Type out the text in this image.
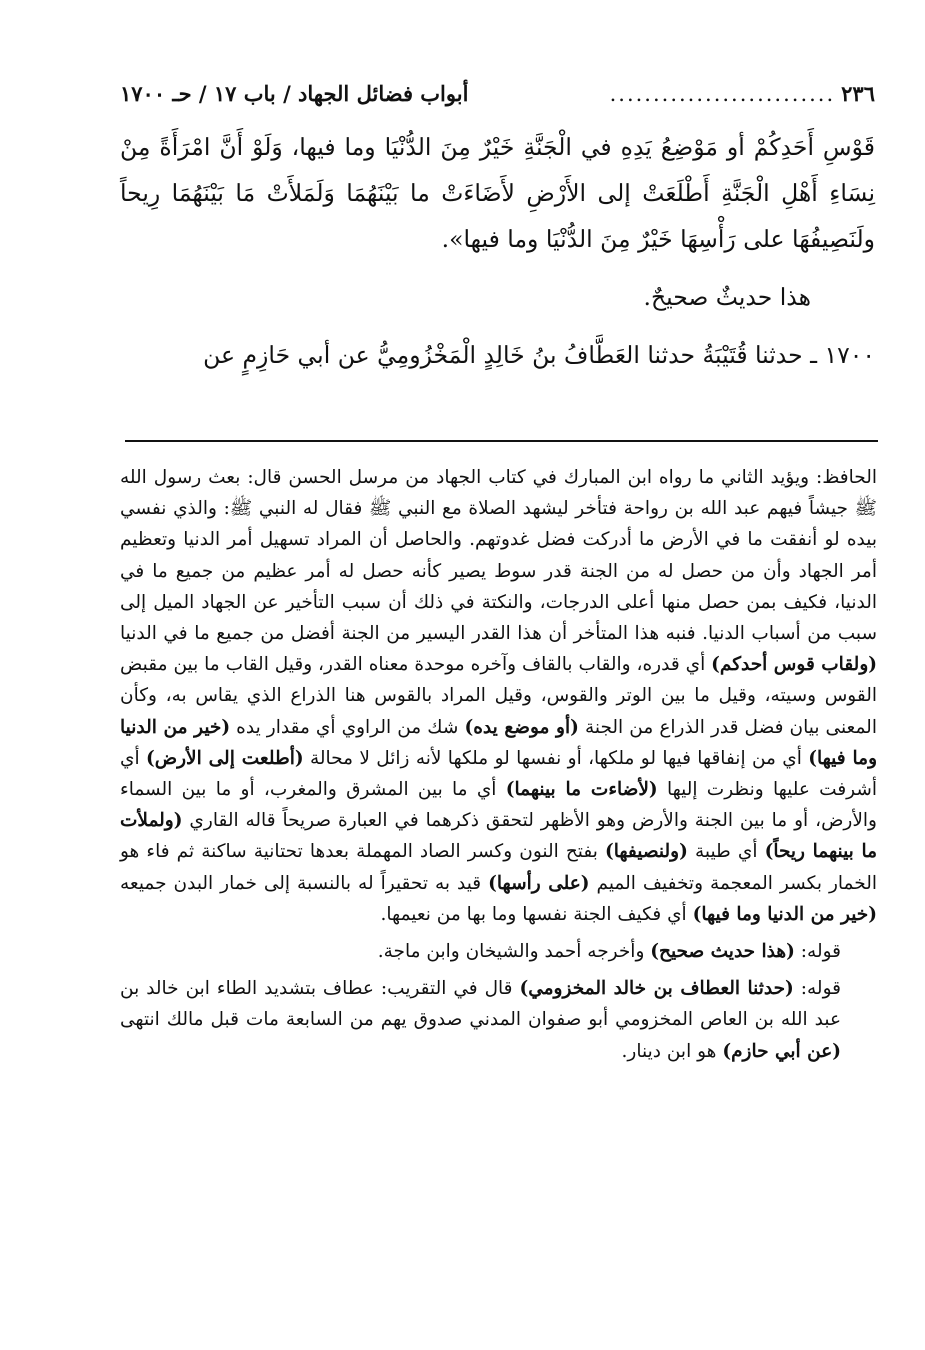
٢٣٦
..........................
أبواب فضائل الجهاد / باب ١٧ / حـ ١٧٠٠

قَوْسِ أَحَدِكُمْ أو مَوْضِعُ يَدِهِ في الْجَنَّةِ خَيْرٌ مِنَ الدُّنْيَا وما فيها، وَلَوْ أَنَّ امْرَأَةً مِنْ نِسَاءِ أَهْلِ الْجَنَّةِ أَطْلَعَتْ إلى الأَرْضِ لأَضَاءَتْ ما بَيْنَهُمَا وَلَمَلأَتْ مَا بَيْنَهُمَا رِيحاً ولَنَصِيفُهَا على رَأْسِهَا خَيْرٌ مِنَ الدُّنْيَا وما فيها».

هذا حديثٌ صحيحٌ.

١٧٠٠ ـ حدثنا قُتَيْبَةُ حدثنا العَطَّافُ بنُ خَالِدٍ الْمَخْزُومِيُّ عن أبي حَازِمٍ عن

الحافظ: ويؤيد الثاني ما رواه ابن المبارك في كتاب الجهاد من مرسل الحسن قال: بعث رسول الله ﷺ جيشاً فيهم عبد الله بن رواحة فتأخر ليشهد الصلاة مع النبي ﷺ فقال له النبي ﷺ: والذي نفسي بيده لو أنفقت ما في الأرض ما أدركت فضل غدوتهم. والحاصل أن المراد تسهيل أمر الدنيا وتعظيم أمر الجهاد وأن من حصل له من الجنة قدر سوط يصير كأنه حصل له أمر عظيم من جميع ما في الدنيا، فكيف بمن حصل منها أعلى الدرجات، والنكتة في ذلك أن سبب التأخير عن الجهاد الميل إلى سبب من أسباب الدنيا. فنبه هذا المتأخر أن هذا القدر اليسير من الجنة أفضل من جميع ما في الدنيا (ولقاب قوس أحدكم) أي قدره، والقاب بالقاف وآخره موحدة معناه القدر، وقيل القاب ما بين مقبض القوس وسيته، وقيل ما بين الوتر والقوس، وقيل المراد بالقوس هنا الذراع الذي يقاس به، وكأن المعنى بيان فضل قدر الذراع من الجنة (أو موضع يده) شك من الراوي أي مقدار يده (خير من الدنيا وما فيها) أي من إنفاقها فيها لو ملكها، أو نفسها لو ملكها لأنه زائل لا محالة (أطلعت إلى الأرض) أي أشرفت عليها ونظرت إليها (لأضاءت ما بينهما) أي ما بين المشرق والمغرب، أو ما بين السماء والأرض، أو ما بين الجنة والأرض وهو الأظهر لتحقق ذكرهما في العبارة صريحاً قاله القاري (ولملأت ما بينهما ريحاً) أي طيبة (ولنصيفها) بفتح النون وكسر الصاد المهملة بعدها تحتانية ساكنة ثم فاء هو الخمار بكسر المعجمة وتخفيف الميم (على رأسها) قيد به تحقيراً له بالنسبة إلى خمار البدن جميعه (خير من الدنيا وما فيها) أي فكيف الجنة نفسها وما بها من نعيمها.

قوله: (هذا حديث صحيح) وأخرجه أحمد والشيخان وابن ماجة.

قوله: (حدثنا العطاف بن خالد المخزومي) قال في التقريب: عطاف بتشديد الطاء ابن خالد بن عبد الله بن العاص المخزومي أبو صفوان المدني صدوق يهم من السابعة مات قبل مالك انتهى (عن أبي حازم) هو ابن دينار.
